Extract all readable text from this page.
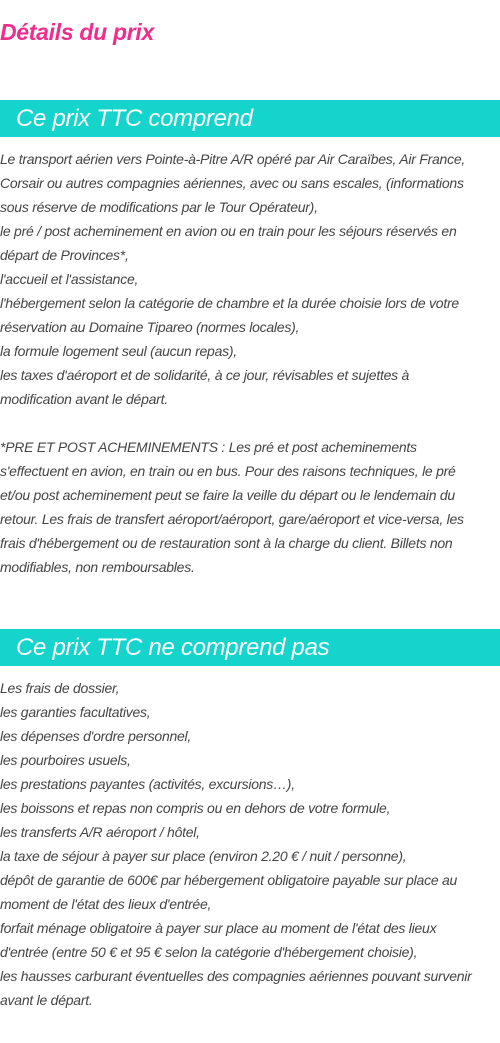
Détails du prix
Ce prix TTC comprend
Le transport aérien vers Pointe-à-Pitre A/R opéré par Air Caraïbes, Air France,
Corsair ou autres compagnies aériennes, avec ou sans escales, (informations
sous réserve de modifications par le Tour Opérateur),
le pré / post acheminement en avion ou en train pour les séjours réservés en
départ de Provinces*,
l'accueil et l'assistance,
l'hébergement selon la catégorie de chambre et la durée choisie lors de votre
réservation au Domaine Tipareo (normes locales),
la formule logement seul (aucun repas),
les taxes d'aéroport et de solidarité, à ce jour, révisables et sujettes à
modification avant le départ.
*PRE ET POST ACHEMINEMENTS : Les pré et post acheminements
s'effectuent en avion, en train ou en bus. Pour des raisons techniques, le pré
et/ou post acheminement peut se faire la veille du départ ou le lendemain du
retour. Les frais de transfert aéroport/aéroport, gare/aéroport et vice-versa, les
frais d'hébergement ou de restauration sont à la charge du client. Billets non
modifiables, non remboursables.
Ce prix TTC ne comprend pas
Les frais de dossier,
les garanties facultatives,
les dépenses d'ordre personnel,
les pourboires usuels,
les prestations payantes (activités, excursions…),
les boissons et repas non compris ou en dehors de votre formule,
les transferts A/R aéroport / hôtel,
la taxe de séjour à payer sur place (environ 2.20 € / nuit / personne),
dépôt de garantie de 600€ par hébergement obligatoire payable sur place au
moment de l'état des lieux d'entrée,
forfait ménage obligatoire à payer sur place au moment de l'état des lieux
d'entrée (entre 50 € et 95 € selon la catégorie d'hébergement choisie),
les hausses carburant éventuelles des compagnies aériennes pouvant survenir
avant le départ.
